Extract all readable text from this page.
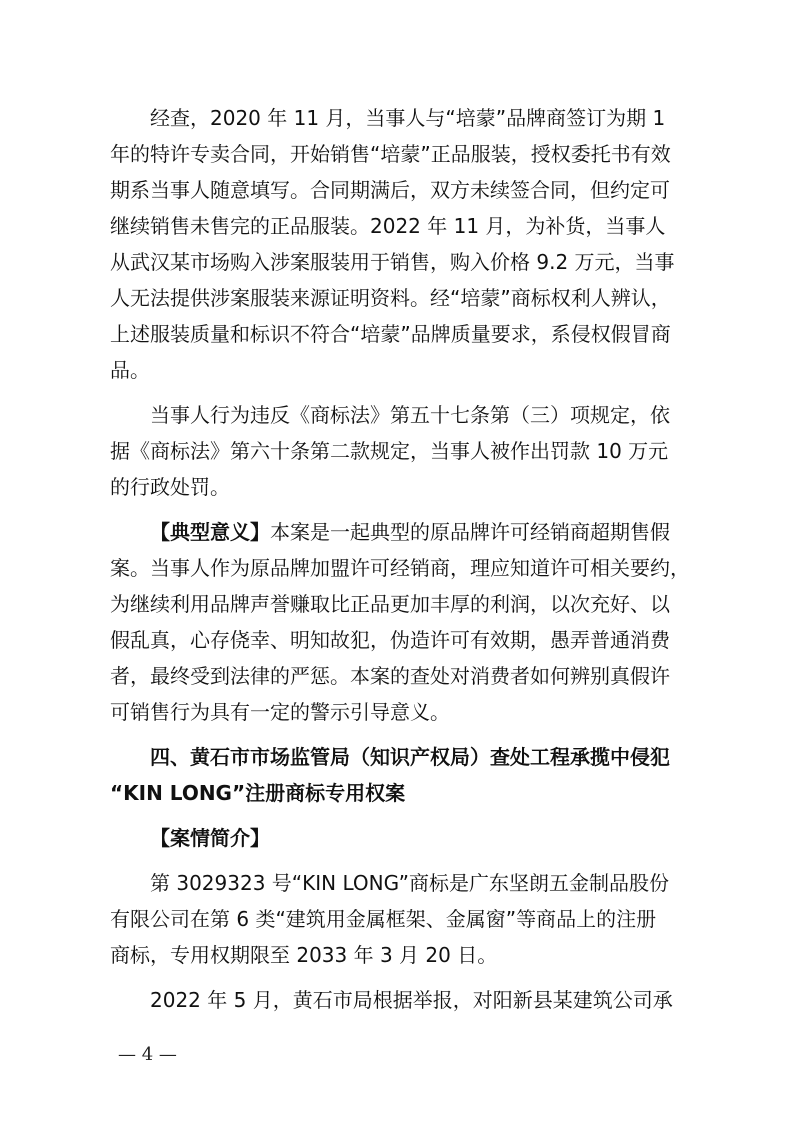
经查，2020 年 11 月，当事人与“培蒙”品牌商签订为期 1
年的特许专卖合同，开始销售“培蒙”正品服装，授权委托书有效
期系当事人随意填写。合同期满后，双方未续签合同，但约定可
继续销售未售完的正品服装。2022 年 11 月，为补货，当事人
从武汉某市场购入涉案服装用于销售，购入价格 9.2 万元，当事
人无法提供涉案服装来源证明资料。经“培蒙”商标权利人辨认，
上述服装质量和标识不符合“培蒙”品牌质量要求，系侵权假冒商
品。

当事人行为违反《商标法》第五十七条第（三）项规定，依
据《商标法》第六十条第二款规定，当事人被作出罚款 10 万元
的行政处罚。

【典型意义】本案是一起典型的原品牌许可经销商超期售假
案。当事人作为原品牌加盟许可经销商，理应知道许可相关要约，
为继续利用品牌声誉赚取比正品更加丰厚的利润，以次充好、以
假乱真，心存侥幸、明知故犯，伪造许可有效期，愚弄普通消费
者，最终受到法律的严惩。本案的查处对消费者如何辨别真假许
可销售行为具有一定的警示引导意义。

四、黄石市市场监管局（知识产权局）查处工程承揽中侵犯
“KIN LONG”注册商标专用权案

【案情简介】

第 3029323 号“KIN LONG”商标是广东坚朗五金制品股份
有限公司在第 6 类“建筑用金属框架、金属窗”等商品上的注册
商标，专用权期限至 2033 年 3 月 20 日。

2022 年 5 月，黄石市局根据举报，对阳新县某建筑公司承

— 4 —
